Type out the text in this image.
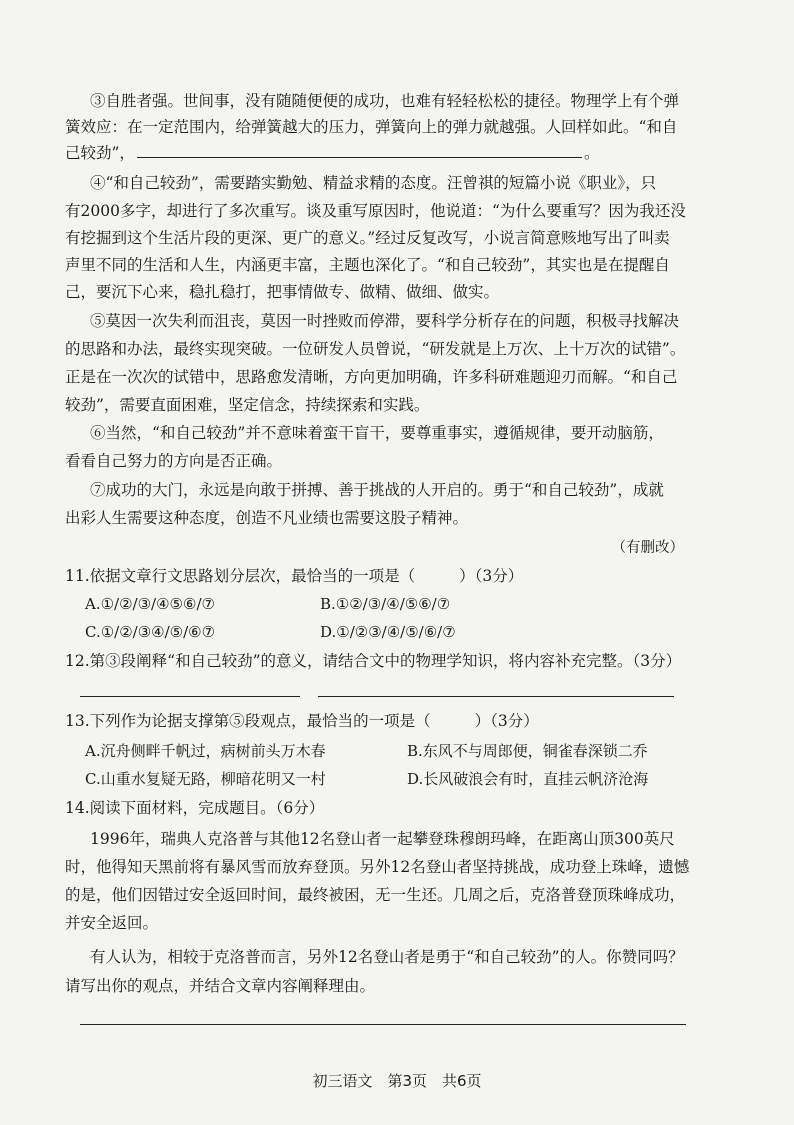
③自胜者强。世间事，没有随随便便的成功，也难有轻轻松松的捷径。物理学上有个弹
簧效应：在一定范围内，给弹簧越大的压力，弹簧向上的弹力就越强。人回样如此。“和自
己较劲”，	。
④“和自己较劲”，需要踏实勤勉、精益求精的态度。汪曾祺的短篇小说《职业》，只
有2000多字，却进行了多次重写。谈及重写原因时，他说道：“为什么要重写？因为我还没
有挖掘到这个生活片段的更深、更广的意义。”经过反复改写，小说言简意赅地写出了叫卖
声里不同的生活和人生，内涵更丰富，主题也深化了。“和自己较劲”，其实也是在提醒自
己，要沉下心来，稳扎稳打，把事情做专、做精、做细、做实。
⑤莫因一次失利而沮丧，莫因一时挫败而停滞，要科学分析存在的问题，积极寻找解决
的思路和办法，最终实现突破。一位研发人员曾说，“研发就是上万次、上十万次的试错”。
正是在一次次的试错中，思路愈发清晰，方向更加明确，许多科研难题迎刃而解。“和自己
较劲”，需要直面困难，坚定信念，持续探索和实践。
⑥当然，“和自己较劲”并不意味着蛮干盲干，要尊重事实，遵循规律，要开动脑筋，
看看自己努力的方向是否正确。
⑦成功的大门，永远是向敢于拼搏、善于挑战的人开启的。勇于“和自己较劲”，成就
出彩人生需要这种态度，创造不凡业绩也需要这股子精神。
（有删改）
11.依据文章行文思路划分层次，最恰当的一项是（	）（3分）
A.①/②/③/④⑤⑥/⑦	B.①②/③/④/⑤⑥/⑦
C.①/②/③④/⑤/⑥⑦	D.①/②③/④/⑤/⑥/⑦
12.第③段阐释“和自己较劲”的意义，请结合文中的物理学知识，将内容补充完整。（3分）
13.下列作为论据支撑第⑤段观点，最恰当的一项是（	）（3分）
A.沉舟侧畔千帆过，病树前头万木春	B.东风不与周郎便，铜雀春深锁二乔
C.山重水复疑无路，柳暗花明又一村	D.长风破浪会有时，直挂云帆济沧海
14.阅读下面材料，完成题目。（6分）
1996年，瑞典人克洛普与其他12名登山者一起攀登珠穆朗玛峰，在距离山顶300英尺
时，他得知天黑前将有暴风雪而放弃登顶。另外12名登山者坚持挑战，成功登上珠峰，遗憾
的是，他们因错过安全返回时间，最终被困，无一生还。几周之后，克洛普登顶珠峰成功，
并安全返回。
有人认为，相较于克洛普而言，另外12名登山者是勇于“和自己较劲”的人。你赞同吗？
请写出你的观点，并结合文章内容阐释理由。
初三语文　第3页　共6页
